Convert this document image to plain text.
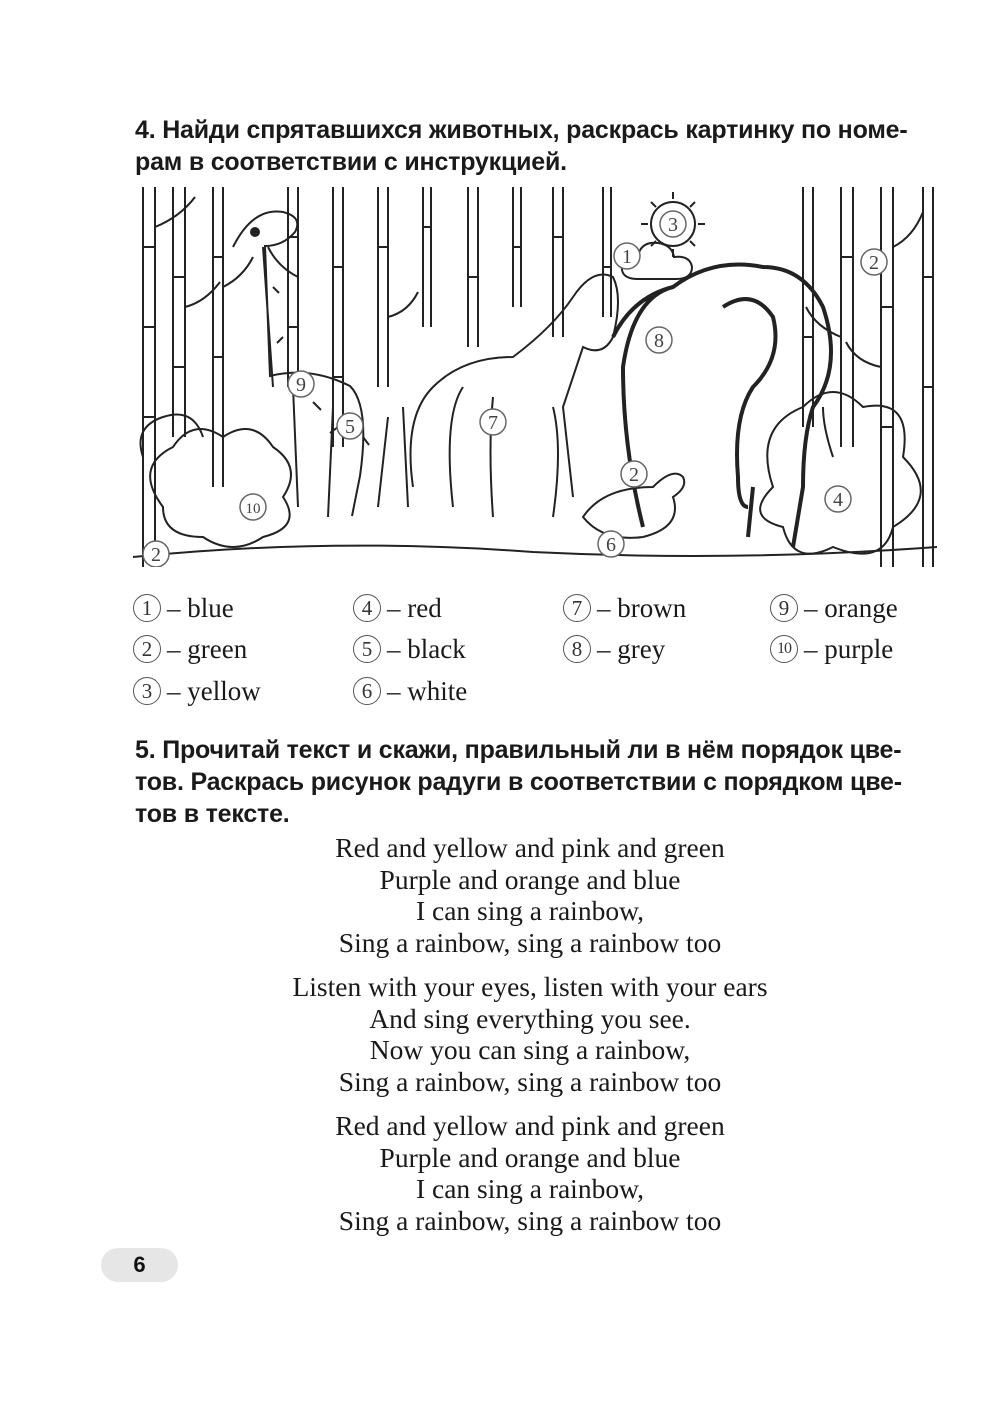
4. Найди спрятавшихся животных, раскрась картинку по номе-
рам в соответствии с инструкцией.
3
1	2
8
9
5	7
2
6
4
10
2
1 – blue
2 – green
3 – yellow
4 – red
5 – black
6 – white
7 – brown
8 – grey
9 – orange
10 – purple
5. Прочитай текст и скажи, правильный ли в нём порядок цве-
тов. Раскрась рисунок радуги в соответствии с порядком цве-
тов в тексте.
Red and yellow and pink and green
Purple and orange and blue
I can sing a rainbow,
Sing a rainbow, sing a rainbow too
Listen with your eyes, listen with your ears
And sing everything you see.
Now you can sing a rainbow,
Sing a rainbow, sing a rainbow too
Red and yellow and pink and green
Purple and orange and blue
I can sing a rainbow,
Sing a rainbow, sing a rainbow too
6
